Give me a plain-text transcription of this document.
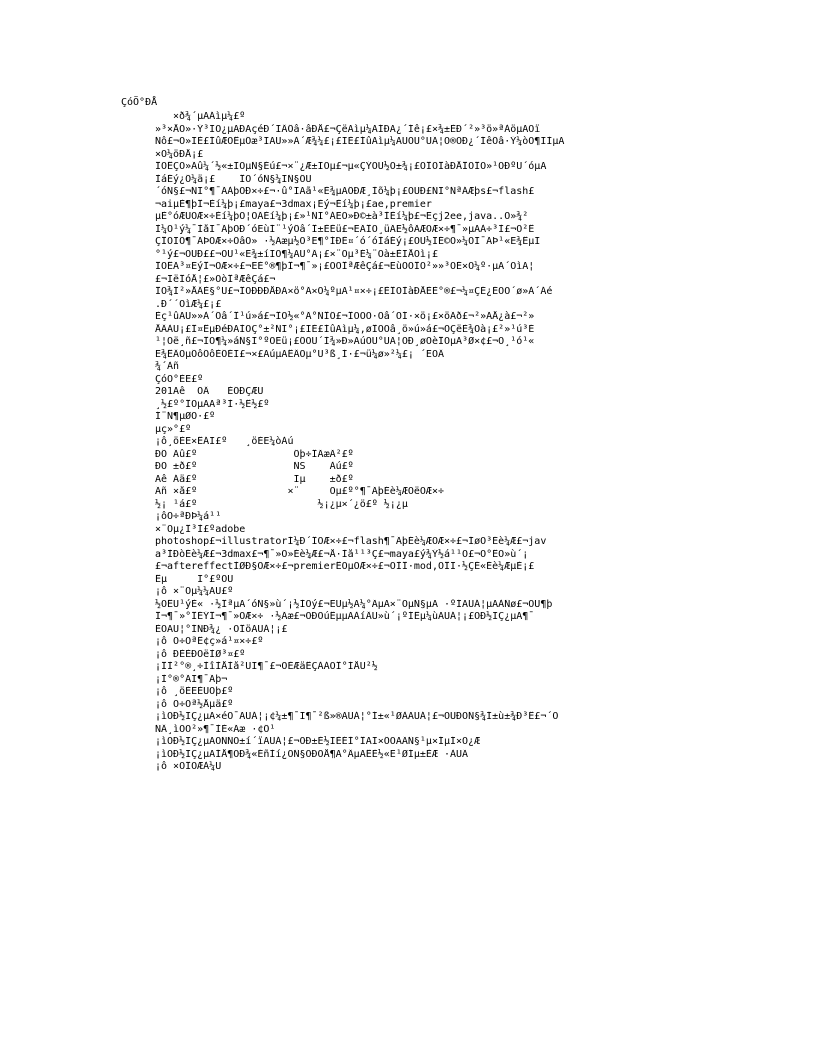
ÇóÖ°ÐÅ
×ð¾´µÄÁìµ¼£º
»³×ÅÒ»·Ý³ÏÖ¿µÄÐÄçéÐ´ÏÂÕâ·âÐÅ£¬ÇëÄìµ¼ÄÍÐÄ¿´Íê¡£×¾±ÈÐ´²»³ö»ªÀöµÄÓï
Ñô£¬Ö»ÏÈ£ÍûÆÓÊµÕæ³ÏÄÜ»»À´Æ¾¼£¡£ÏÈ£ÍûÄìµ¼ÄÜÒÛ°ÙÃ¦Ö®ÖÐ¿´ÍêÕâ·Ý¼òÒ¶ÏÌµÄ
×Ô¼öÐÅ¡£
ÎÒÊÇÒ»Ãû¼´½«±ÏÒµÑ§Éú£¬×¨¿Æ±ÏÒµ£¬µ«ÇÝÓÚ½Ó±¾¡£ÔÎÒÎàÐÅÎÒÎÒ»¹ÓÐºÜ´óµÄ
ÌáÉý¿Õ¼ä¡£    ÎÒ´óÑ§¼ÏÑ§ÕÚ
´óÑ§£¬ÑÏ°¶¯ÃÀþÓÐ×÷£¬·û°ÏÄã¹«È¾µÄÕÐÆ¸Ìõ¼þ¡£ÔÚÐ£ÑÏ°ÑªÁÆþs£¬flash£
¬aiµÈ¶þÎ¬Èí¼þ¡£maya£¬3dmax¡Èý¬Èí¼þ¡£ae,premier
µÈ°óÆÚÖÆ×÷Èí¼þÓ¦ÓÃÈí¼þ¡£»¹ÑÏ°ÁËÒ»Ð©±à³ÌÈí¼þ£¬Ëçj2ee,java..Ô»¾²
Ì¼Ó¹ý¼¯ÌåÏ¯ÃþÓÐ´óËùÍ¨¹ýÕâ´Î±ÈÈü£¬ËÃÎÒ¸üÃË½ôÃÆÖÆ×÷¶¯»µÄÀ÷³Ì£¬Ò²Ê
ÇÎÒÏÕ¶¯ÃÞÖÆ×÷ÕâÒ» ·½Ãæµ½Ó³Ë¶°ÍÐÈ¤´ó´óÌáÉý¡£ÔÚ½ÏÉ©Ò»¼ÒÏ¯ÃÞ¹«Ë¾ÊµÏ
°¹ý£¬ÔÚÐ££¬ÔÚ¹«Ë¾±íÏÖ¶¼ÄÜ°Ã¡£×¨Òµ³É¼¨Òà±ÈÏÅÓì¡£
ÎÒÊÃ³¤ËýÎ¬ÓÆ×÷£¬ËÈ°®¶þÎ¬¶¯»¡£ÒÒÎªÆêÇá£¬ËùÒÔÎÒ²»»³ÓÉ×Ô¼º·µÄ´ÓìÄ¦
£¬ÏëÎóÅ¦£»ÒòÎªÆêÇá£¬
ÎÒ¾Í²»ÅÂÈ§°Ü£¬ÎÒÐÐÐÅÐÄ×ö°Ã×Ô¼ºµÄ¹¤×÷¡£ÈÎÒÌàÐÅÈÈ°®£¬¼¤ÇÉ¿ÉÒÔ´ø»À´Áé
.Ð´´ÔìÆ¼£¡£
Èç¹ûÄÜ»»À´Õâ´Î¹ú»á£¬ÎÒ½«°Ã°ÑÎÕ£¬ÎÒÒÒ·Òâ´ÓÍ·×ö¡£×öÃð£¬²»ÃÅ¿à£¬²»
ÅÂÀÛ¡£Î¤ÊµÐéÐÄÌÒÇ°±²ÑÏ°¡£ÏÈ£ÍûÄìµ¼,øÎÒÖâ¸ö»ú»á£¬ÒÇëÈ¾Òà¡£²»¹ú³É
¹¦Öë¸ñ£¬ÎÒ¶¼»áÑ§Ï°ºÓËü¡£ÕÒÚ´Ì¾»Ð»ÄúÔÚ°ÙÃ¦ÖÐ¸øÓèÎÒµÄ³Ø×¢£¬Ô¸¹ó¹«
Ë¾ÊÂÒµÕôÕôÈÕÉÏ£¬×£ÄúµÄÊÂÒµ°Ù³ß¸Í·£¬ü¼ø»²¼£¡ ´ËÖÂ
¾´Àñ
ÇóÖ°ÈË£º
201Äê  ÔÂ   ÈÕÐÇÆÚ
¸½£º°ÎÒµÄÄª³Ì·½Ê½£º
Í¨Ñ¶µØÖ·£º
µç»°£º
¡ô¸öÈË×ÊÁÏ£º   ¸öÈË¼òÀú
ÐÕ Ãû£º                Õþ÷ÎÃæÃ²£º
ÐÔ ±ð£º                ÑS    Àú£º
Äê Áä£º                Ïµ    ±ð£º
Ãñ ×å£º               ×¨     Òµ£º°¶¯ÃþÉè¼ÆÓëÖÆ×÷
½¡ ¹á£º                    ½¡¿µ×´¿ö£º ½¡¿µ
¡ôÖ÷ªÐÞ¼á¹¹
×¨Òµ¿Î³Ì£ºadobe
photoshop£¬illustratorÍ¼Ð´ÎÒÆ×÷£¬flash¶¯ÃþÉè¼ÆÖÆ×÷£¬ÍøÒ³Éè¼Æ£¬jav
a³ÌÐòÉè¼Æ£¬3dmax£¬¶¯»Ö»Éè¼Æ£¬Å·Ìå¹¹³Ç£¬maya£ý¾Ý½á¹¹Ó£¬Ó°ÊÓ»ù´¡
£¬aftereffectÌØÐ§ÖÆ×÷£¬premierÊÓµÖÆ×÷£¬ÖÌÎ·mod,ÓÎÏ·½ÇÉ«Éè¼ÆµÈ¡£
Êµ     Ï°£ºÔÚ
¡ô ×¨Òµ¼¼ÄÜ£º
½ÓÊÜ¹ýÈ« ·½ÎªµÄ´óÑ§»ù´¡½ÌÓý£¬ËÜµ½Ä¼°ÃµÄ×¨ÒµÑ§µÄ ·ºÍÄÜÁ¦µÄÀÑø£¬ÔÚ¶þ
Î¬¶¯»°ÎÉÝÎ¬¶¯»ÖÆ×÷ ·½Ãæ£¬ÓÐÔúÊµµÄÀíÂÛ»ù´¡ºÍÊµ¼ùÄÜÁ¦¡£ÓÐ½ÏÇ¿µÄ¶¯
ÈÓÄÜ¦°ÍÑÐ¾¿ ·ÖÎöÄÜÁ¦¡£
¡ô Ö÷ÒªÊ¢ç»á¹¤×÷£º
¡ô ÐÈÈÐÓëÌØ³¤£º
¡ÎÌ²°®¸÷ÌîÌÅÌå²ÙÏ¶¯£¬ÓÈÆäÊÇÀÁÓÎ°ÍÅÛ²½
¡Ì°®°ÃÏ¶¯Ãþ¬
¡ô ¸öÈËÈÙÓþ£º
¡ô Ö÷Òª½Åµä£º
¡ìÓÐ½ÏÇ¿µÄ×éÖ¯ÄÜÁ¦¡¢¼±¶¯Ï¶¯²ß»®ÄÜÁ¦°Í±«¹ØÀÄÜÁ¦£¬ÓÚÐÓÑ§¾Í±ù±¾Ð³Ê£¬´Ó
ÑÂ¸ìÓÒ²»¶¯ÌÈ«Ãæ ·¢Õ¹
¡ìÓÐ½ÏÇ¿µÄÓÑÑÔ±í´ïÄÜÁ¦£¬ÓÐ±È½ÏÈÉÌ°ÎÄÏ×ÕÒÄÃÑ§¹µ×ÍµÍ×Ô¿Æ
¡ìÓÐ½ÏÇ¿µÄÍÅ¶ÓÐ¾«ÉñÌí¿ÖÑ§ÖÐÓÅ¶Ä°ÂµÄÊÈ½«Ë¹ØÍµ±ÈÆ ·ÀÙÃ
¡ô ×ÔÎÒÆÀ¼Û
